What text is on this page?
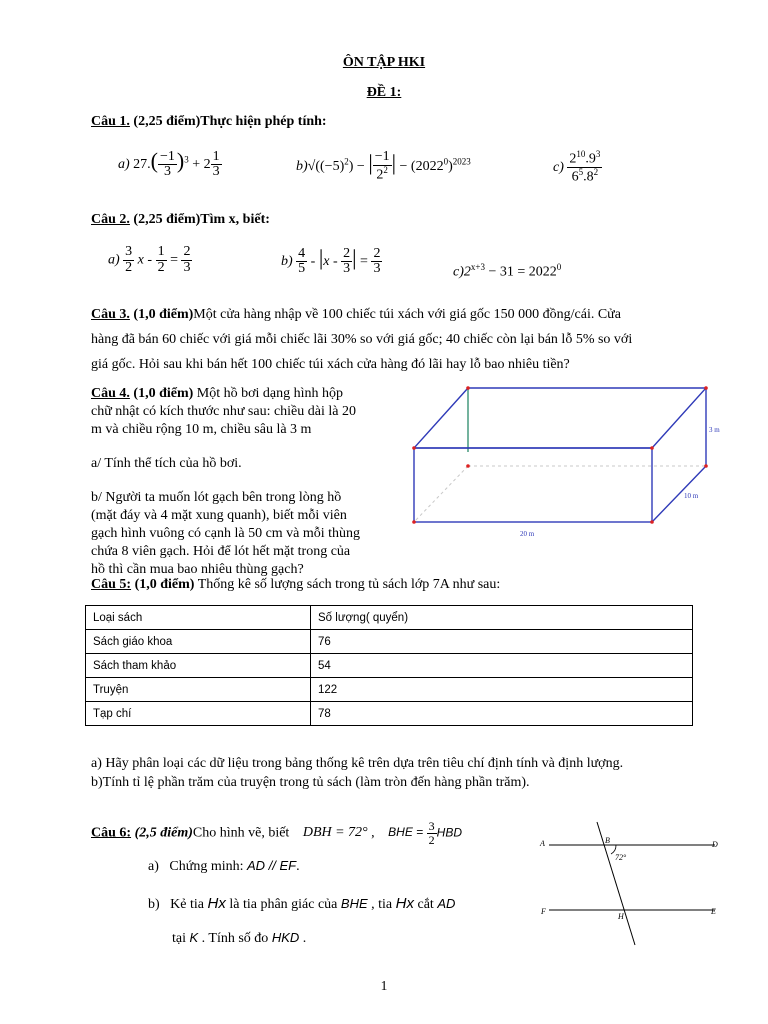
ÔN TẬP HKI
ĐỀ 1:
Câu 1. (2,25 điểm)Thực hiện phép tính:
a) $27.( \frac{-1}{3} )^3 + 2 \frac{1}{3}$	$b)√((-5)^2)$ − | $\frac{-1}{2^2}$ | − $(2022^0)^{2023}$	$c) \frac{2^{10}.9^3}{6^5.8^2}$
Câu 2. (2,25 điểm)Tìm x, biết:
$a) \frac{3}{2}$ $x - \frac{1}{2} = \frac{2}{3}$	$b) \frac{4}{5} - |x - \frac{2}{3}$ | = $\frac{2}{3}$	$c)2^{x+3} - 31 = 2022^0$
Câu 3. (1,0 điểm)Một cửa hàng nhập về 100 chiếc túi xách với giá gốc 150 000 đồng/cái. Cửa
hàng đã bán 60 chiếc với giá mỗi chiếc lãi 30% so với giá gốc; 40 chiếc còn lại bán lỗ 5% so với
giá gốc. Hỏi sau khi bán hết 100 chiếc túi xách cửa hàng đó lãi hay lỗ bao nhiêu tiền?
Câu 4. (1,0 điểm) Một hồ bơi dạng hình hộp
chữ nhật có kích thước như sau: chiều dài là 20
m và chiều rộng 10 m, chiều sâu là 3 m
a/ Tính thể tích của hồ bơi.
b/ Người ta muốn lót gạch bên trong lòng hồ
(mặt đáy và 4 mặt xung quanh), biết mỗi viên
gạch hình vuông có cạnh là 50 cm và mỗi thùng
chứa 8 viên gạch. Hỏi để lót hết mặt trong của
hồ thì cần mua bao nhiêu thùng gạch?
3 m
10 m
20 m
Câu 5: (1,0 điểm) Thống kê số lượng sách trong tủ sách lớp 7A như sau:
Loại sách	Số lượng( quyển)
Sách giáo khoa	76
Sách tham khảo	54
Truyện	122
Tạp chí	78
a) Hãy phân loại các dữ liệu trong bảng thống kê trên dựa trên tiêu chí định tính và định lượng.
b)Tính tỉ lệ phần trăm của truyện trong tủ sách (làm tròn đến hàng phần trăm).
Câu 6: (2,5 điểm)Cho hình vẽ, biết DBH = 72° , BHE = $\frac{3}{2}$ HBD
a) Chứng minh: AD // EF.
b) Kẻ tia Hx là tia phân giác của BHE , tia Hx cắt AD
tại K . Tính số đo HKD .
A	B	D
72°
F
H
E
1
